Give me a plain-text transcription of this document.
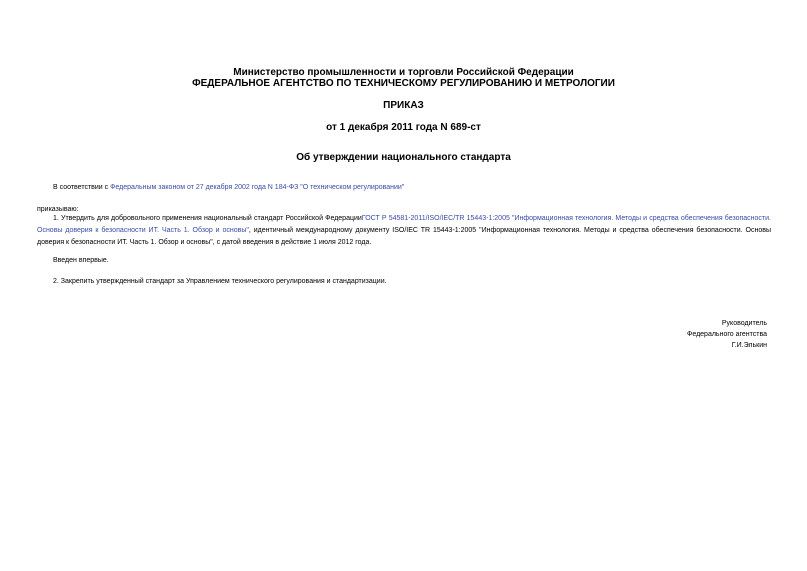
Министерство промышленности и торговли Российской Федерации
ФЕДЕРАЛЬНОЕ АГЕНТСТВО ПО ТЕХНИЧЕСКОМУ РЕГУЛИРОВАНИЮ И МЕТРОЛОГИИ
ПРИКАЗ
от 1 декабря 2011 года N 689-ст
Об утверждении национального стандарта
В соответствии с Федеральным законом от 27 декабря 2002 года N 184-ФЗ "О техническом регулировании"
приказываю:
1. Утвердить для добровольного применения национальный стандарт Российской ФедерацииГОСТ Р 54581-2011/ISO/IEC/TR 15443-1:2005 "Информационная технология. Методы и средства обеспечения безопасности. Основы доверия к безопасности ИТ. Часть 1. Обзор и основы", идентичный международному документу ISO/IEC TR 15443-1:2005 "Информационная технология. Методы и средства обеспечения безопасности. Основы доверия к безопасности ИТ. Часть 1. Обзор и основы", с датой введения в действие 1 июля 2012 года.
Введен впервые.
2. Закрепить утвержденный стандарт за Управлением технического регулирования и стандартизации.
Руководитель
Федерального агентства
Г.И.Элькин
